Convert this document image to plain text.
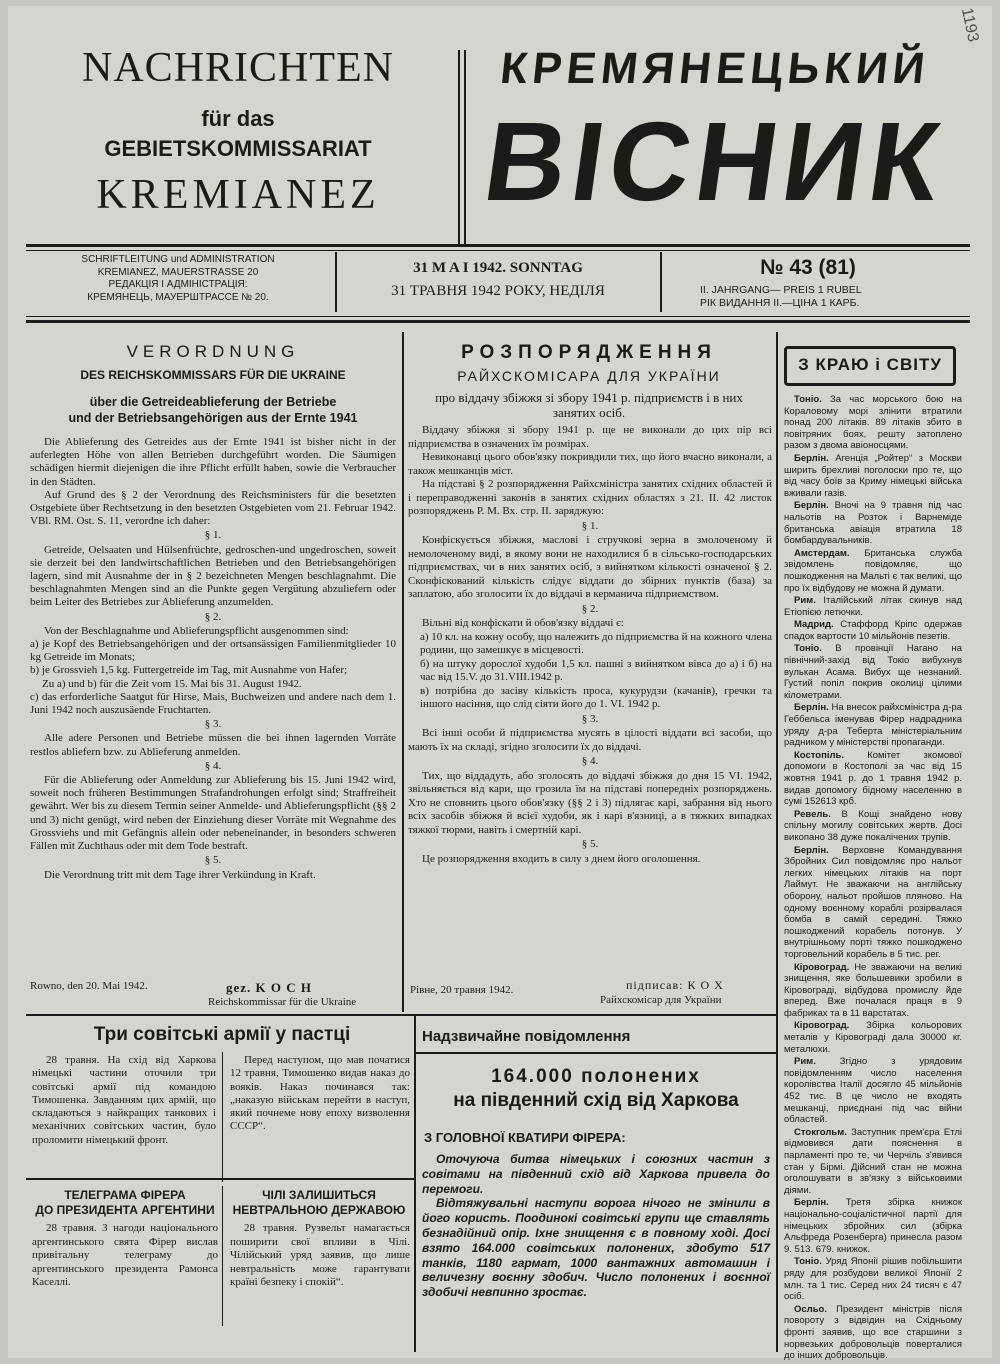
NACHRICHTEN
für das
GEBIETSKOMMISSARIAT
KREMIANEZ
КРЕМЯНЕЦЬКИЙ
ВІСНИК
1193
SCHRIFTLEITUNG und ADMINISTRATION
KREMIANEZ, MAUERSTRASSE 20
РЕДАКЦІЯ І АДМІНІСТРАЦІЯ:
КРЕМЯНЕЦЬ, МАУЕРШТРАССЕ № 20.
31 M A I 1942. SONNTAG
31 ТРАВНЯ 1942 РОКУ, НЕДІЛЯ
№ 43 (81)
II. JAHRGANG— PREIS 1 RUBEL
РІК ВИДАННЯ II.—ЦІНА 1 КАРБ.
VERORDNUNG
DES REICHSKOMMISSARS FÜR DIE UKRAINE
über die Getreideablieferung der Betriebe
und der Betriebsangehörigen aus der Ernte 1941

Die Ablieferung des Getreides aus der Ernte 1941 ist bisher nicht in der auferlegten Höhe von allen Betrieben durchgeführt worden. Die Säumigen schädigen hiermit diejenigen die ihre Pflicht erfüllt haben, sowie die Verbraucher in den Städten.

Auf Grund des § 2 der Verordnung des Reichsministers für die besetzten Ostgebiete über Rechtsetzung in den besetzten Ostgebieten vom 21. Februar 1942. VBl. RM. Ost. S. 11, verordne ich daher:

§ 1.

Getreide, Oelsaaten und Hülsenfrüchte, gedroschen-und ungedroschen, soweit sie derzeit bei den landwirtschaftlichen Betrieben und den Betriebsangehörigen lagern, sind mit Ausnahme der in § 2 bezeichneten Mengen beschlagnahmt. Die beschlagnahmten Mengen sind an die Punkte gegen Vergütung abzuliefern oder beim Leiter des Betriebes zur Ablieferung anzumelden.

§ 2.

Von der Beschlagnahme und Ablieferungspflicht ausgenommen sind:

a) je Kopf des Betriebsangehörigen und der ortsansässigen Familienmitglieder 10 kg Getreide im Monats;

b) je Grossvieh 1,5 kg. Futtergetreide im Tag, mit Ausnahme von Hafer;

Zu a) und b) für die Zeit vom 15. Mai bis 31. August 1942.

c) das erforderliche Saatgut für Hirse, Mais, Buchweizen und andere nach dem 1. Juni 1942 noch auszusäende Fruchtarten.

§ 3.

Alle adere Personen und Betriebe müssen die bei ihnen lagernden Vorräte restlos abliefern bzw. zu Ablieferung anmelden.

§ 4.

Für die Ablieferung oder Anmeldung zur Ablieferung bis 15. Juni 1942 wird, soweit noch früheren Bestimmungen Strafandrohungen erfolgt sind; Straffreiheit gewährt. Wer bis zu diesem Termin seiner Anmelde- und Ablieferungspflicht (§§ 2 und 3) nicht genügt, wird neben der Einziehung dieser Vorräte mit Wegnahme des Grossviehs und mit Gefängnis allein oder nebeneinander, in besonders schweren Fällen mit Zuchthaus oder mit dem Tode bestraft.

§ 5.

Die Verordnung tritt mit dem Tage ihrer Verkündung in Kraft.

Rowno, den 20. Mai 1942.	gez. K O C H
Reichskommissar für die Ukraine
РОЗПОРЯДЖЕННЯ
РАЙХСКОМІСАРА ДЛЯ УКРАЇНИ
про віддачу збіжжя зі збору 1941 р. підприємств і в них занятих осіб.

Віддачу збіжжя зі збору 1941 р. ще не виконали до цих пір всі підприємства в означених їм розмірах.

Невиконавці цього обов'язку покривдили тих, що його вчасно виконали, а також мешканців міст.

На підставі § 2 розпорядження Райхсміністра занятих східних областей й і переправодженні законів в занятих східних областях з 21. II. 42 листок розпоряджень Р. М. Вх. стр. II. заряджую:

§ 1.

Конфіскується збіжжя, маслові і стручкові зерна в змолоченому й немолоченому виді, в якому вони не находилися б в сільсько-господарських підприємствах, чи в них занятих осіб, з вийнятком кількості означеної § 2. Сконфіскований кількість слідує віддати до збірних пунктів (база) за заплатою, або зголосити їх до віддачі в керманича підприємством.

§ 2.

Вільні від конфіскати й обов'язку віддачі є:

а) 10 кл. на кожну особу, що належить до підприємства й на кожного члена родини, що замешкує в місцевості.

б) на штуку дорослої худоби 1,5 кл. пашні з вийнятком вівса до а) і б) на час від 15.V. до 31.VIII.1942 р.

в) потрібна до засіву кількість проса, кукурудзи (качанів), гречки та іншого насіння, що слід сіяти його до 1. VI. 1942 р.

§ 3.

Всі інші особи й підприємства мусять в цілості віддати всі засоби, що мають їх на складі, згідно зголосити їх до віддачі.

§ 4.

Тих, що віддадуть, або зголосять до віддачі збіжжя до дня 15 VI. 1942, звільняється від кари, що грозила їм на підставі попередніх розпоряджень. Хто не сповнить цього обов'язку (§§ 2 і 3) підлягає карі, забрання від нього всіх засобів збіжжя й всієї худоби, як і карі в'язниці, а в тяжких випадках тяжкої тюрми, навіть і смертній карі.

§ 5.

Це розпорядження входить в силу з днем його оголошення.

Рівне, 20 травня 1942.	підписав: К О Х
Райхскомісар для України
З КРАЮ і СВІТУ
Тоніо. За час морського бою на Кораловому морі злінити втратили понад 200 літаків. 89 літаків збито в повітряних боях, решту затоплено разом з двома авіоносцями.
Берлін. Агенція „Ройтер“ з Москви ширить брехливі поголоски про те, що від часу боїв за Криму німецькі війська вживали газів.
Берлін. Вночі на 9 травня під час нальотів на Розток і Варнеміде британська авіація втратила 18 бомбардувальників.
Амстердам. Британська служба звідомлень повідомляє, що пошкодження на Мальті є так великі, що про їх відбудову не можна й думати.
Рим. Італійський літак скинув над Етіопією летючки.
Мадрид. Стаффорд Кріпс одержав спадок вартости 10 мільйонів пезетів.
Тоніо. В провінції Нагано на північний-захід від Токіо вибухнув вулькан Асама. Вибух ще незнаний. Густий попіл покрив околиці цілими кілометрами.
Берлін. На внесок райхсміністра д-ра Геббельса іменував Фірер надрадника уряду д-ра Теберта міністеріальним радником у міністерстві пропаганди.
Костопіль. Комітет зкомової допомоги в Костополі за час від 15 жовтня 1941 р. до 1 травня 1942 р. видав допомогу бідному населенню в сумі 152613 крб.
Ревель. В Кощі знайдено нову спільну могилу совітських жертв. Досі викопано 38 дуже покалічених трупів.
Берлін. Верховне Командування Збройних Сил повідомляє про нальот легких німецьких літаків на порт Лаймут. Не зважаючи на англійську оборону, нальот пройшов пляново. На одному воєнному кораблі розірвалася бомба в самій середині. Тяжко пошкоджений корабель потонув. У внутрішньому порті тяжко пошкоджено торговельний корабель в 5 тис. рег.
Кіровоград. Не зважаючи на великі знищення, яке большевики зробили в Кіровограді, відбудова промислу йде вперед. Вже почалася праця в 9 фабриках та в 11 варстатах.
Кіровоград. Збірка кольорових металів у Кіровограді дала 30000 кг. металюхи.
Рим.	Згідно з урядовим повідомленням число населення королівства Італії досягло 45 мільйонів 452 тис. В це число не входять мешканці, приєднані під час війни областей.
Стокгольм. Заступник прем'єра Етлі відмовився дати пояснення в парламенті про те, чи Черчіль з'явився стан у Бірмі. Дійсний стан не можна оголошувати в зв'язку з військовими діями.
Берлін. Третя збірка книжок національно-соціалістичної партії для німецьких збройних сил (збірка Альфреда Розенберга) принесла разом 9. 513. 679. книжок.
Тоніо. Уряд Японії рішив побільшити ряду для розбудови великої Японії 2 млн. та 1 тис. Серед них 24 тисяч є 47 осіб.
Осльо. Президент міністрів після повороту з відвідин на Східньому фронті заявив, що все старшини з норвезьких добровольців поверталися до інших добровольців.
Три совітські армії у пастці

28 травня. На схід від Харкова німецькі частини оточили три совітські армії під командою Тимошенка. Завданням цих армій, що складаються з найкращих танкових і механічних совітських частин, було проломити німецький фронт.

Перед наступом, що мав початися 12 травня, Тимошенко видав наказ до вояків. Наказ починався так: „наказую військам перейти в наступ, який почнеме нову епоху визволення СССР“.

ТЕЛЕГРАМА ФІРЕРА
ДО ПРЕЗИДЕНТА АРГЕНТИНИ

28 травня. З нагоди національного аргентинського свята Фірер вислав привітальну телеграму до аргентинського президента Рамонса Каселлі.

ЧІЛІ ЗАЛИШИТЬСЯ
НЕВТРАЛЬНОЮ ДЕРЖАВОЮ

28 травня. Рузвельт намагається поширити свої впливи в Чілі. Чілійський уряд заявив, що лише невтральність може гарантувати країні безпеку і спокій“.

Надзвичайне повідомлення
164.000 полонених
на південний схід від Харкова
З ГОЛОВНОЇ КВАТИРИ ФІРЕРА:

Оточуюча битва німецьких і союзних частин з совітами на південний схід від Харкова привела до перемоги.

Відтяжувальні наступи ворога нічого не змінили в його користь. Поодинокі совітські групи ще ставлять безнадійний опір. Іхне знищення є в повному ході. Досі взято 164.000 совітських полонених, здобуто 517 танків, 1180 гармат, 1000 вантажних автомашин і величезну воєнну здобич. Число полонених і воєнної здобичі невпинно зростає.
